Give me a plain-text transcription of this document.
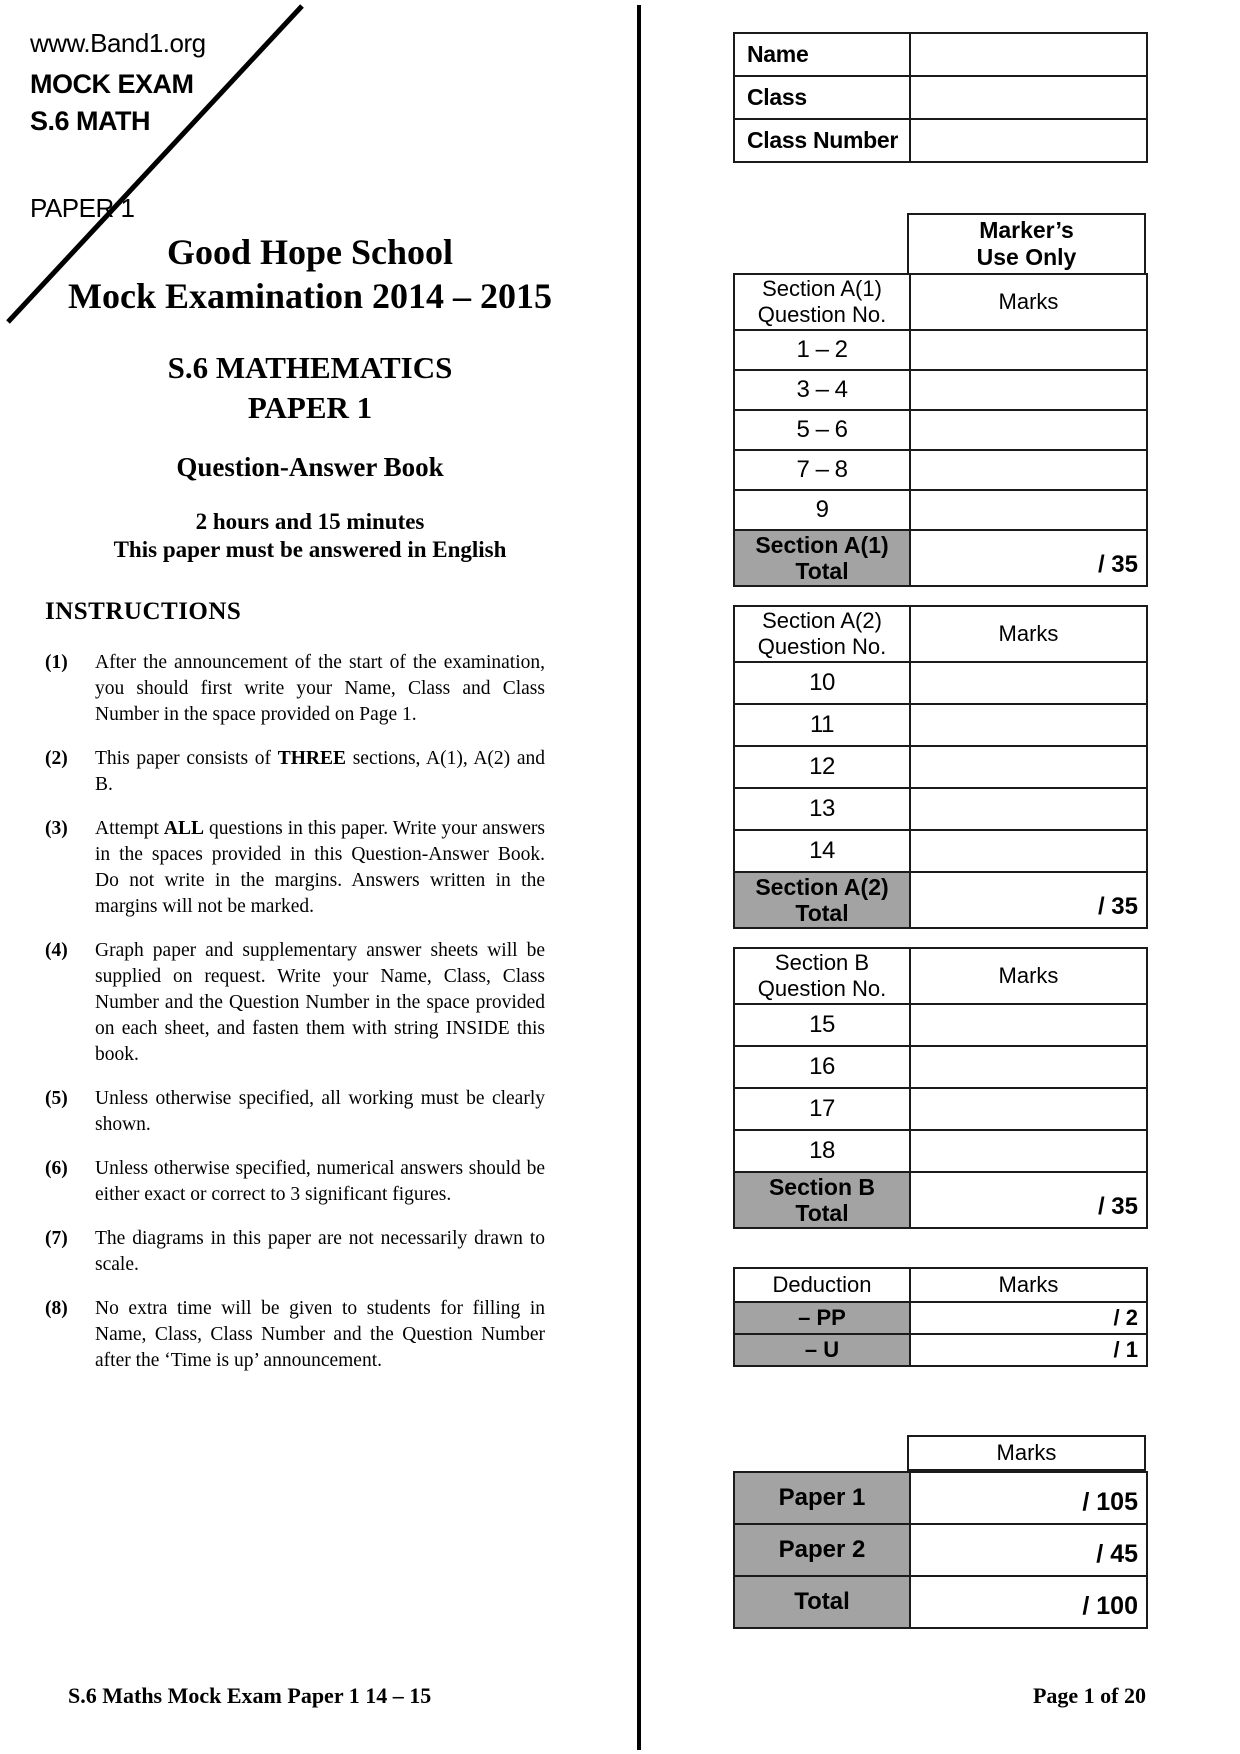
www.Band1.org
MOCK EXAM
S.6 MATH
PAPER 1
Good Hope School
Mock Examination 2014 – 2015
S.6 MATHEMATICS
PAPER 1
Question-Answer Book
2 hours and 15 minutes
This paper must be answered in English
INSTRUCTIONS
(1)	After the announcement of the start of the examination, you should first write your Name, Class and Class Number in the space provided on Page 1.
(2)	This paper consists of THREE sections, A(1), A(2) and B.
(3)	Attempt ALL questions in this paper. Write your answers in the spaces provided in this Question-Answer Book. Do not write in the margins. Answers written in the margins will not be marked.
(4)	Graph paper and supplementary answer sheets will be supplied on request. Write your Name, Class, Class Number and the Question Number in the space provided on each sheet, and fasten them with string INSIDE this book.
(5)	Unless otherwise specified, all working must be clearly shown.
(6)	Unless otherwise specified, numerical answers should be either exact or correct to 3 significant figures.
(7)	The diagrams in this paper are not necessarily drawn to scale.
(8)	No extra time will be given to students for filling in Name, Class, Class Number and the Question Number after the ‘Time is up’ announcement.
Name	
Class	
Class Number	
Marker’s
Use Only
Section A(1)
Question No.	Marks
1 – 2	
3 – 4	
5 – 6	
7 – 8	
9	

Section A(1)
Total	/ 35
Section A(2)
Question No.	Marks
10	
11	
12	
13	
14	

Section A(2)
Total	/ 35
Section B
Question No.	Marks
15	
16	
17	
18	

Section B
Total	/ 35
Deduction	Marks
– PP	/ 2
– U	/ 1
Marks
Paper 1	/ 105
Paper 2	/ 45
Total	/ 100
S.6 Maths Mock Exam Paper 1 14 – 15	Page 1 of 20
